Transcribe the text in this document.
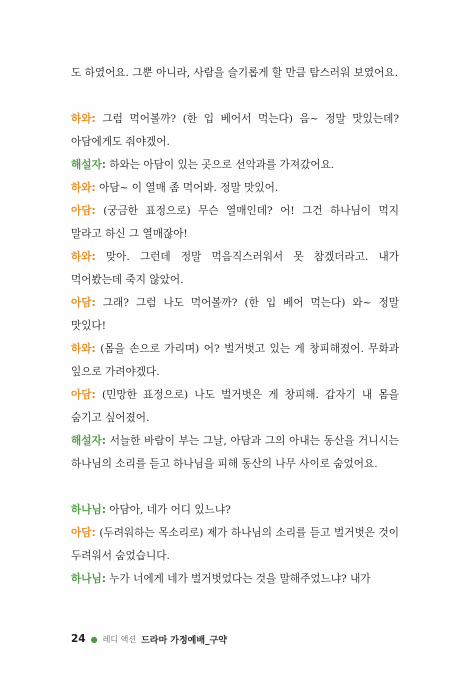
도 하였어요. 그뿐 아니라, 사람을 슬기롭게 할 만큼 탐스러워 보였어요.
하와: 그럼 먹어볼까? (한 입 베어서 먹는다) 음~ 정말 맛있는데? 아담에게도 줘야겠어.
해설자: 하와는 아담이 있는 곳으로 선악과를 가져갔어요.
하와: 아담~ 이 열매 좀 먹어봐. 정말 맛있어.
아담: (궁금한 표정으로) 무슨 열매인데? 어! 그건 하나님이 먹지 말라고 하신 그 열매잖아!
하와: 맞아. 그런데 정말 먹음직스러워서 못 참겠더라고. 내가 먹어봤는데 죽지 않았어.
아담: 그래? 그럼 나도 먹어볼까? (한 입 베어 먹는다) 와~ 정말 맛있다!
하와: (몸을 손으로 가리며) 어? 벌거벗고 있는 게 창피해졌어. 무화과 잎으로 가려야겠다.
아담: (민망한 표정으로) 나도 벌거벗은 게 창피해. 갑자기 내 몸을 숨기고 싶어졌어.
해설자: 서늘한 바람이 부는 그날, 아담과 그의 아내는 동산을 거니시는 하나님의 소리를 듣고 하나님을 피해 동산의 나무 사이로 숨었어요.
하나님: 아담아, 네가 어디 있느냐?
아담: (두려워하는 목소리로) 제가 하나님의 소리를 듣고 벌거벗은 것이 두려워서 숨었습니다.
하나님: 누가 너에게 네가 벌거벗었다는 것을 말해주었느냐? 내가
24 ● 레디 액션 드라마 가정예배_구약
